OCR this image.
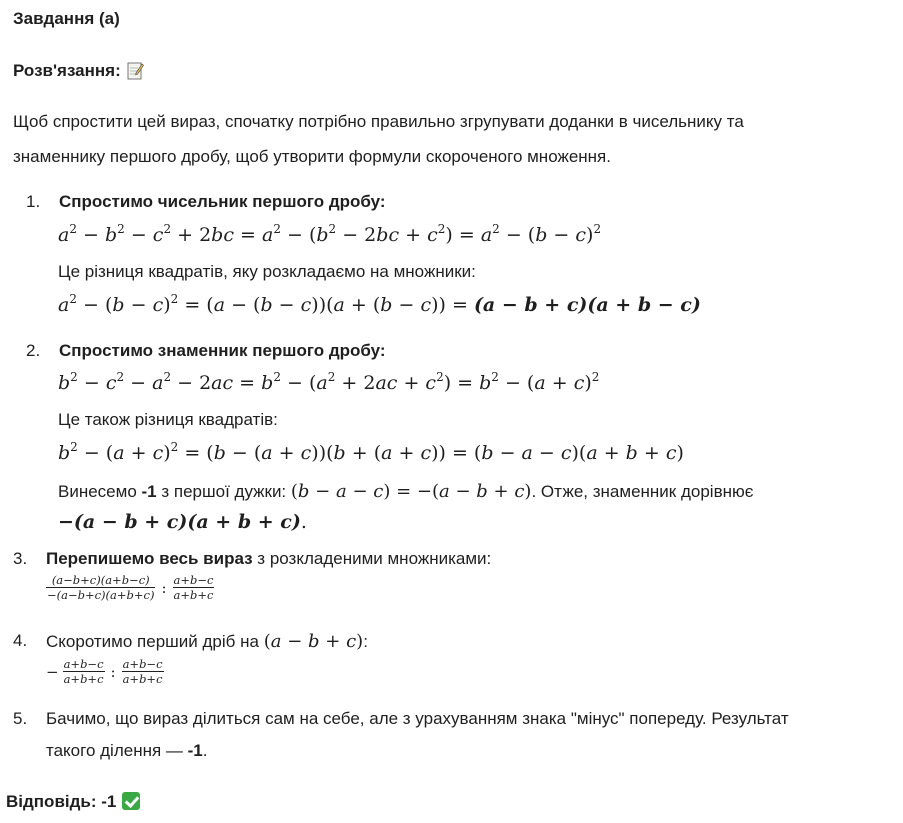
Завдання (а)
Розв'язання:
Щоб спростити цей вираз, спочатку потрібно правильно згрупувати доданки в чисельнику та
знаменнику першого дробу, щоб утворити формули скороченого множення.
1. Спростимо чисельник першого дробу:
$a^2 - b^2 - c^2 + 2bc = a^2 - (b^2 - 2bc + c^2) = a^2 - (b - c)^2$
Це різниця квадратів, яку розкладаємо на множники:
$a^2 - (b - c)^2 = (a - (b - c))(a + (b - c)) = (a - b + c)(a + b - c)$
2. Спростимо знаменник першого дробу:
$b^2 - c^2 - a^2 - 2ac = b^2 - (a^2 + 2ac + c^2) = b^2 - (a + c)^2$
Це також різниця квадратів:
$b^2 - (a + c)^2 = (b - (a + c))(b + (a + c)) = (b - a - c)(a + b + c)$
Винесемо -1 з першої дужки: (b − a − c) = −(a − b + c). Отже, знаменник дорівнює
−(a − b + c)(a + b + c).
3. Перепишемо весь вираз з розкладеними множниками:
$\frac{(a-b+c)(a+b-c)}{-(a-b+c)(a+b+c)}$ : $\frac{a+b-c}{a+b+c}$
4. Скоротимо перший дріб на (a − b + c):
− $\frac{a+b-c}{a+b+c}$ : $\frac{a+b-c}{a+b+c}$
5. Бачимо, що вираз ділиться сам на себе, але з урахуванням знака "мінус" попереду. Результат
такого ділення — -1.
Відповідь: -1
